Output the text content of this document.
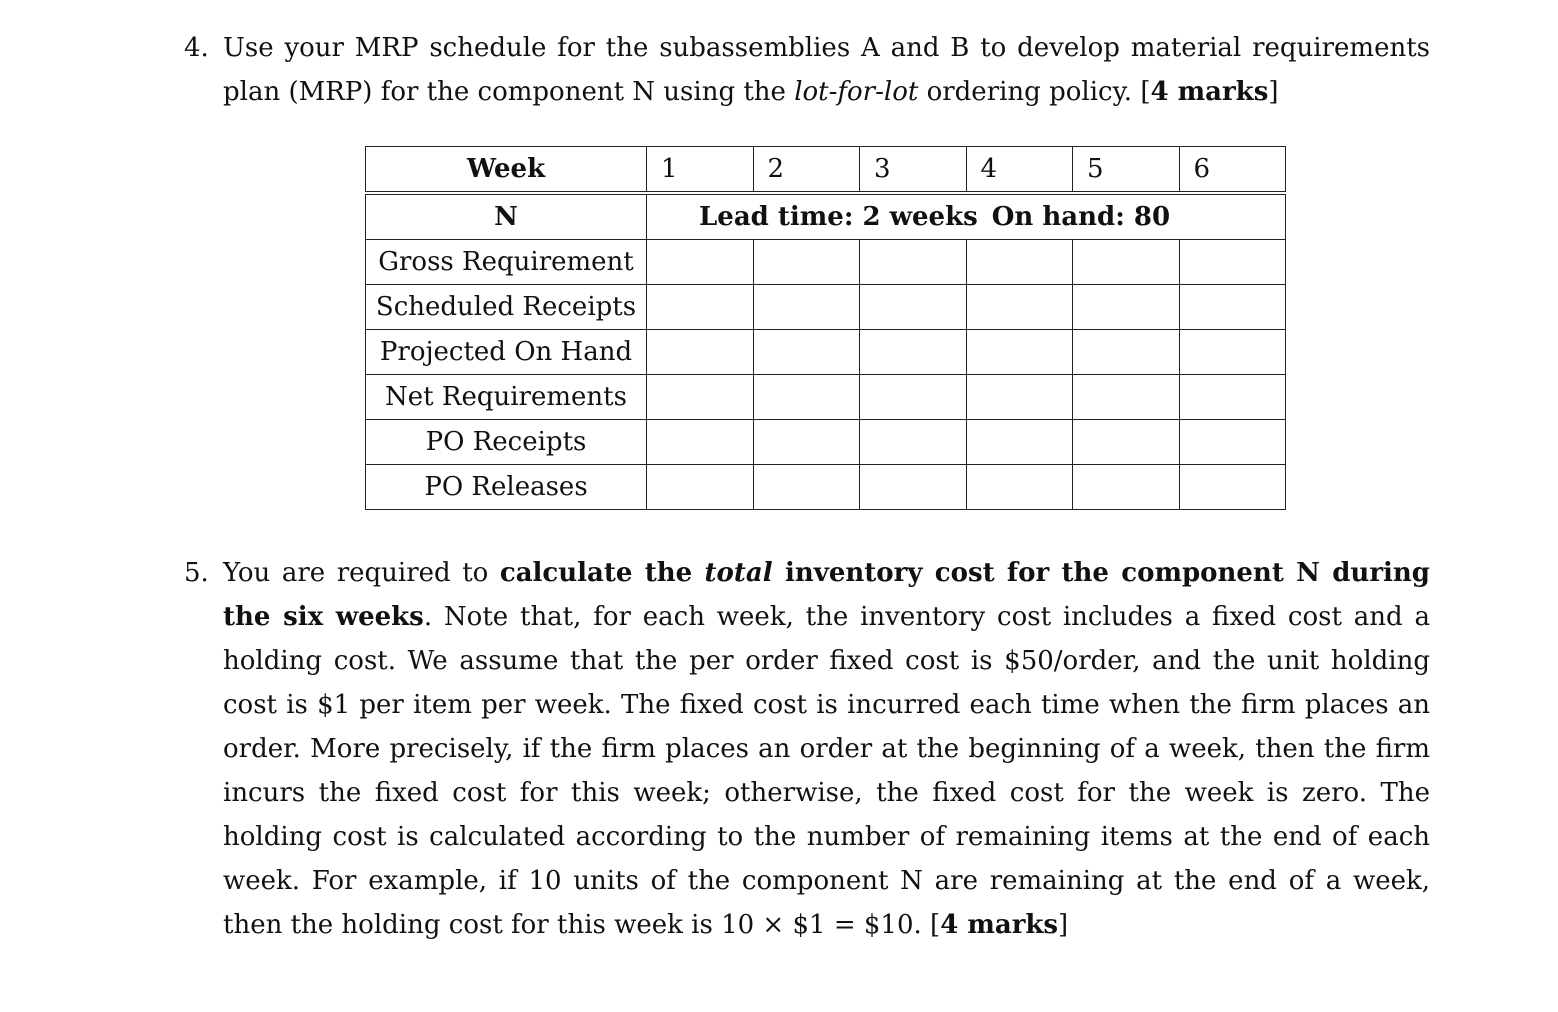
4. Use your MRP schedule for the subassemblies A and B to develop material requirements plan (MRP) for the component N using the lot-for-lot ordering policy. [4 marks]
Week	1	2	3	4	5	6
N	Lead time: 2 weeks On hand: 80					
Gross Requirement						
Scheduled Receipts						
Projected On Hand						
Net Requirements						
PO Receipts						
PO Releases						
5. You are required to calculate the total inventory cost for the component N during the six weeks. Note that, for each week, the inventory cost includes a fixed cost and a holding cost. We assume that the per order fixed cost is $50/order, and the unit holding cost is $1 per item per week. The fixed cost is incurred each time when the firm places an order. More precisely, if the firm places an order at the beginning of a week, then the firm incurs the fixed cost for this week; otherwise, the fixed cost for the week is zero. The holding cost is calculated according to the number of remaining items at the end of each week. For example, if 10 units of the component N are remaining at the end of a week, then the holding cost for this week is 10 × $1 = $10. [4 marks]
